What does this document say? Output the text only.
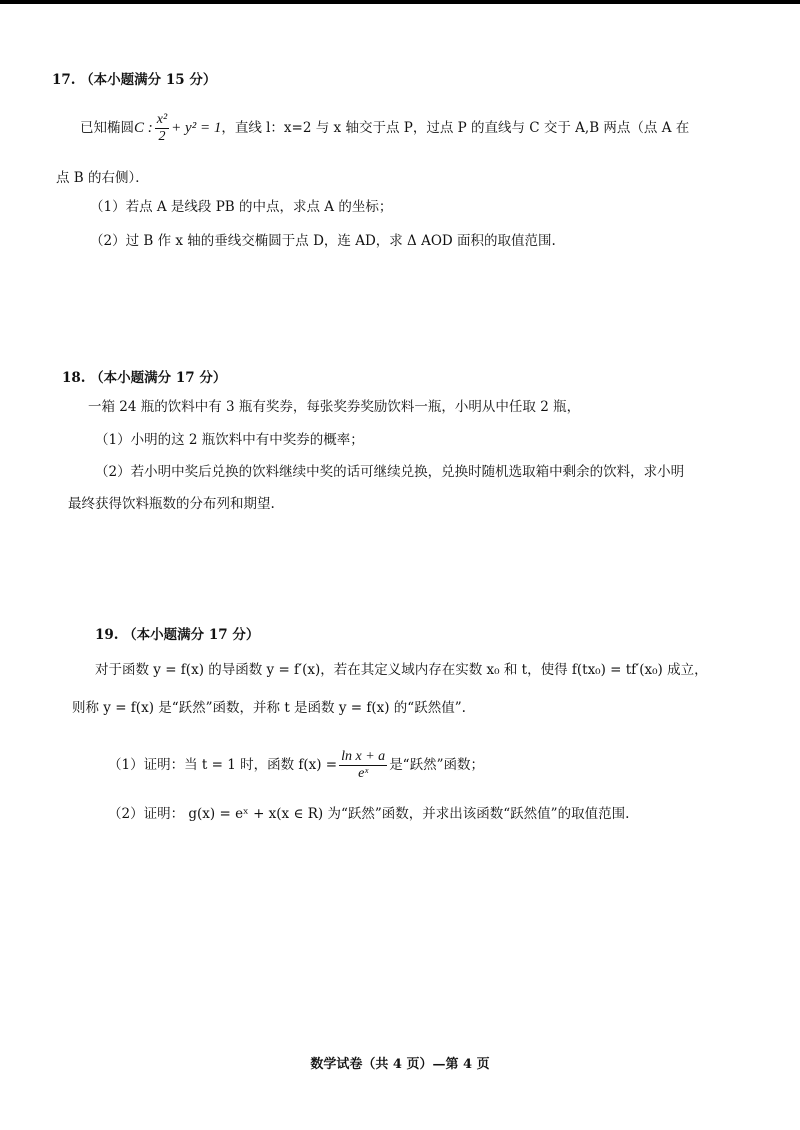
17. （本小题满分 15 分）
已知椭圆C : $\frac{\text{x²}}{2} + y^2 = 1$，直线 l：x=2 与 x 轴交于点 P，过点 P 的直线与 C 交于 A,B 两点（点 A 在
点 B 的右侧）．
（1）若点 A 是线段 PB 的中点，求点 A 的坐标；
（2）过 B 作 x 轴的垂线交椭圆于点 D，连 AD，求 Δ AOD 面积的取值范围.
18. （本小题满分 17 分）
一箱 24 瓶的饮料中有 3 瓶有奖券，每张奖券奖励饮料一瓶，小明从中任取 2 瓶，
（1）小明的这 2 瓶饮料中有中奖券的概率；
（2）若小明中奖后兑换的饮料继续中奖的话可继续兑换，兑换时随机选取箱中剩余的饮料，求小明
最终获得饮料瓶数的分布列和期望.
19. （本小题满分 17 分）
对于函数 y = f(x) 的导函数 y = f′(x)，若在其定义域内存在实数 x₀ 和 t，使得 f(tx₀) = tf′(x₀) 成立，
则称 y = f(x) 是“跃然”函数，并称 t 是函数 y = f(x) 的“跃然值”.
（1）证明：当 t = 1 时，函数 $f(x) = \frac{\text{ln x + a}}{\text{eˣ}}$ 是“跃然”函数；
（2）证明： g(x) = eˣ + x(x ∈ R) 为“跃然”函数，并求出该函数“跃然值”的取值范围.
数学试卷（共 4 页）—第 4 页
